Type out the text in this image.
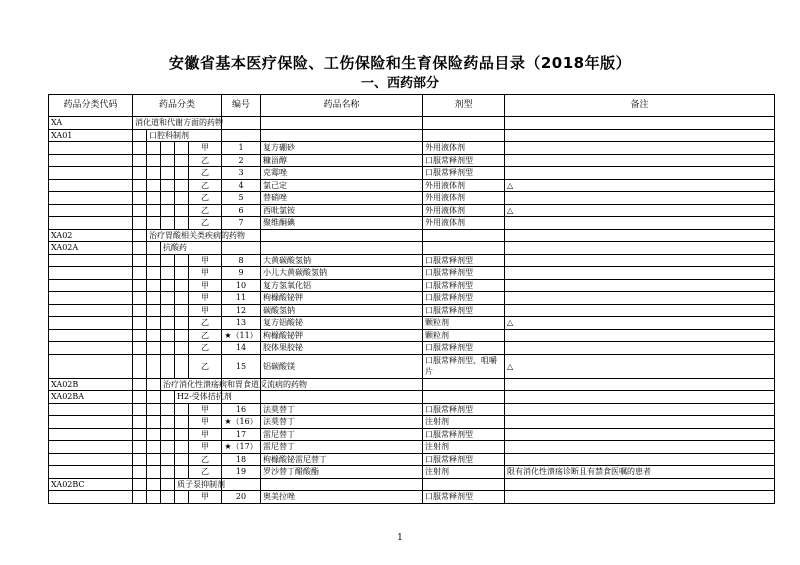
安徽省基本医疗保险、工伤保险和生育保险药品目录（2018年版）
一、西药部分
药品分类代码	药品分类					编号	药品名称	剂型	备注
XA	消化道和代谢方面的药物								
XA01		口腔科制剂							
					甲	1	复方硼砂	外用液体剂	
					乙	2	糠甾醇	口服常释剂型	
					乙	3	克霉唑	口服常释剂型	
					乙	4	氯己定	外用液体剂	△
					乙	5	替硝唑	外用液体剂	
					乙	6	西吡氯铵	外用液体剂	△
					乙	7	聚维酮碘	外用液体剂	
XA02		治疗胃酸相关类疾病的药物							
XA02A			抗酸药						
					甲	8	大黄碳酸氢钠	口服常释剂型	
					甲	9	小儿大黄碳酸氢钠	口服常释剂型	
					甲	10	复方氢氧化铝	口服常释剂型	
					甲	11	枸橼酸铋钾	口服常释剂型	
					甲	12	碳酸氢钠	口服常释剂型	
					乙	13	复方铝酸铋	颗粒剂	△
					乙	★（11）	枸橼酸铋钾	颗粒剂	
					乙	14	胶体果胶铋	口服常释剂型	
					乙	15	铝碳酸镁	口服常释剂型、咀嚼片	△
XA02B			治疗消化性溃疡病和胃食道反流病的药物						
XA02BA				H2-受体拮抗剂					
					甲	16	法莫替丁	口服常释剂型	
					甲	★（16）	法莫替丁	注射剂	
					甲	17	雷尼替丁	口服常释剂型	
					甲	★（17）	雷尼替丁	注射剂	
					乙	18	枸橼酸铋雷尼替丁	口服常释剂型	
					乙	19	罗沙替丁醋酸酯	注射剂	限有消化性溃疡诊断且有禁食医嘱的患者
XA02BC				质子泵抑制剂					
					甲	20	奥美拉唑	口服常释剂型	
1
